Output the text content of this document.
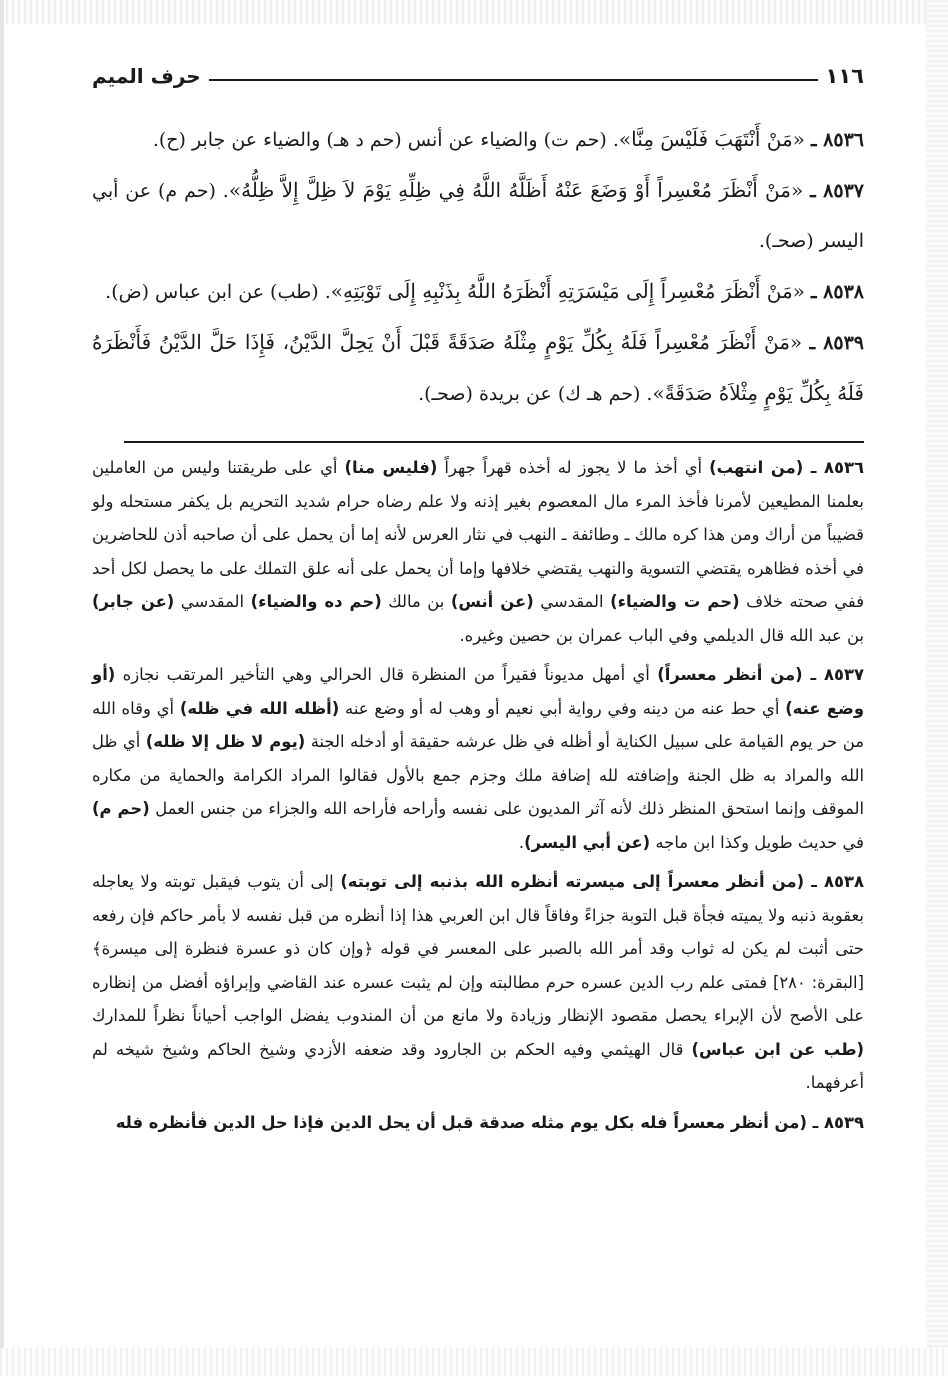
١١٦
حرف الميم

٨٥٣٦ ـ «مَنْ أَنْتَهَبَ فَلَيْسَ مِنَّا». (حم ت) والضياء عن أنس (حم د هـ) والضياء عن جابر (ح).

٨٥٣٧ ـ «مَنْ أَنْظَرَ مُعْسِراً أَوْ وَضَعَ عَنْهُ أَظَلَّهُ اللَّهُ فِي ظِلِّهِ يَوْمَ لاَ ظِلَّ إِلاَّ ظِلُّهُ». (حم م) عن أبي اليسر (صحـ).

٨٥٣٨ ـ «مَنْ أَنْظَرَ مُعْسِراً إِلَى مَيْسَرَتِهِ أَنْظَرَهُ اللَّهُ بِذَنْبِهِ إِلَى تَوْبَتِهِ». (طب) عن ابن عباس (ض).

٨٥٣٩ ـ «مَنْ أَنْظَرَ مُعْسِراً فَلَهُ بِكُلِّ يَوْمٍ مِثْلَهُ صَدَقَةً قَبْلَ أَنْ يَحِلَّ الدَّيْنُ، فَإِذَا حَلَّ الدَّيْنُ فَأَنْظَرَهُ فَلَهُ بِكُلِّ يَوْمٍ مِثْلاَهُ صَدَقَةً». (حم هـ ك) عن بريدة (صحـ).

٨٥٣٦ ـ (من انتهب) أي أخذ ما لا يجوز له أخذه قهراً جهراً (فليس منا) أي على طريقتنا وليس من العاملين بعلمنا المطيعين لأمرنا فأخذ المرء مال المعصوم بغير إذنه ولا علم رضاه حرام شديد التحريم بل يكفر مستحله ولو قضيباً من أراك ومن هذا كره مالك ـ وطائفة ـ النهب في نثار العرس لأنه إما أن يحمل على أن صاحبه أذن للحاضرين في أخذه فظاهره يقتضي التسوية والنهب يقتضي خلافها وإما أن يحمل على أنه علق التملك على ما يحصل لكل أحد ففي صحته خلاف (حم ت والضياء) المقدسي (عن أنس) بن مالك (حم ده والضياء) المقدسي (عن جابر) بن عبد الله قال الديلمي وفي الباب عمران بن حصين وغيره.

٨٥٣٧ ـ (من أنظر معسراً) أي أمهل مديوناً فقيراً من المنظرة قال الحرالي وهي التأخير المرتقب نجازه (أو وضع عنه) أي حط عنه من دينه وفي رواية أبي نعيم أو وهب له أو وضع عنه (أظله الله في ظله) أي وقاه الله من حر يوم القيامة على سبيل الكناية أو أظله في ظل عرشه حقيقة أو أدخله الجنة (يوم لا ظل إلا ظله) أي ظل الله والمراد به ظل الجنة وإضافته لله إضافة ملك وجزم جمع بالأول فقالوا المراد الكرامة والحماية من مكاره الموقف وإنما استحق المنظر ذلك لأنه آثر المديون على نفسه وأراحه فأراحه الله والجزاء من جنس العمل (حم م) في حديث طويل وكذا ابن ماجه (عن أبي اليسر).

٨٥٣٨ ـ (من أنظر معسراً إلى ميسرته أنظره الله بذنبه إلى توبته) إلى أن يتوب فيقبل توبته ولا يعاجله بعقوبة ذنبه ولا يميته فجأة قبل التوبة جزاءً وفاقاً قال ابن العربي هذا إذا أنظره من قبل نفسه لا بأمر حاكم فإن رفعه حتى أثبت لم يكن له ثواب وقد أمر الله بالصبر على المعسر في قوله ﴿وإن كان ذو عسرة فنظرة إلى ميسرة﴾ [البقرة: ٢٨٠] فمتى علم رب الدين عسره حرم مطالبته وإن لم يثبت عسره عند القاضي وإبراؤه أفضل من إنظاره على الأصح لأن الإبراء يحصل مقصود الإنظار وزيادة ولا مانع من أن المندوب يفضل الواجب أحياناً نظراً للمدارك (طب عن ابن عباس) قال الهيثمي وفيه الحكم بن الجارود وقد ضعفه الأزدي وشيخ الحاكم وشيخ شيخه لم أعرفهما.

٨٥٣٩ ـ (من أنظر معسراً فله بكل يوم مثله صدقة قبل أن يحل الدين فإذا حل الدين فأنظره فله
